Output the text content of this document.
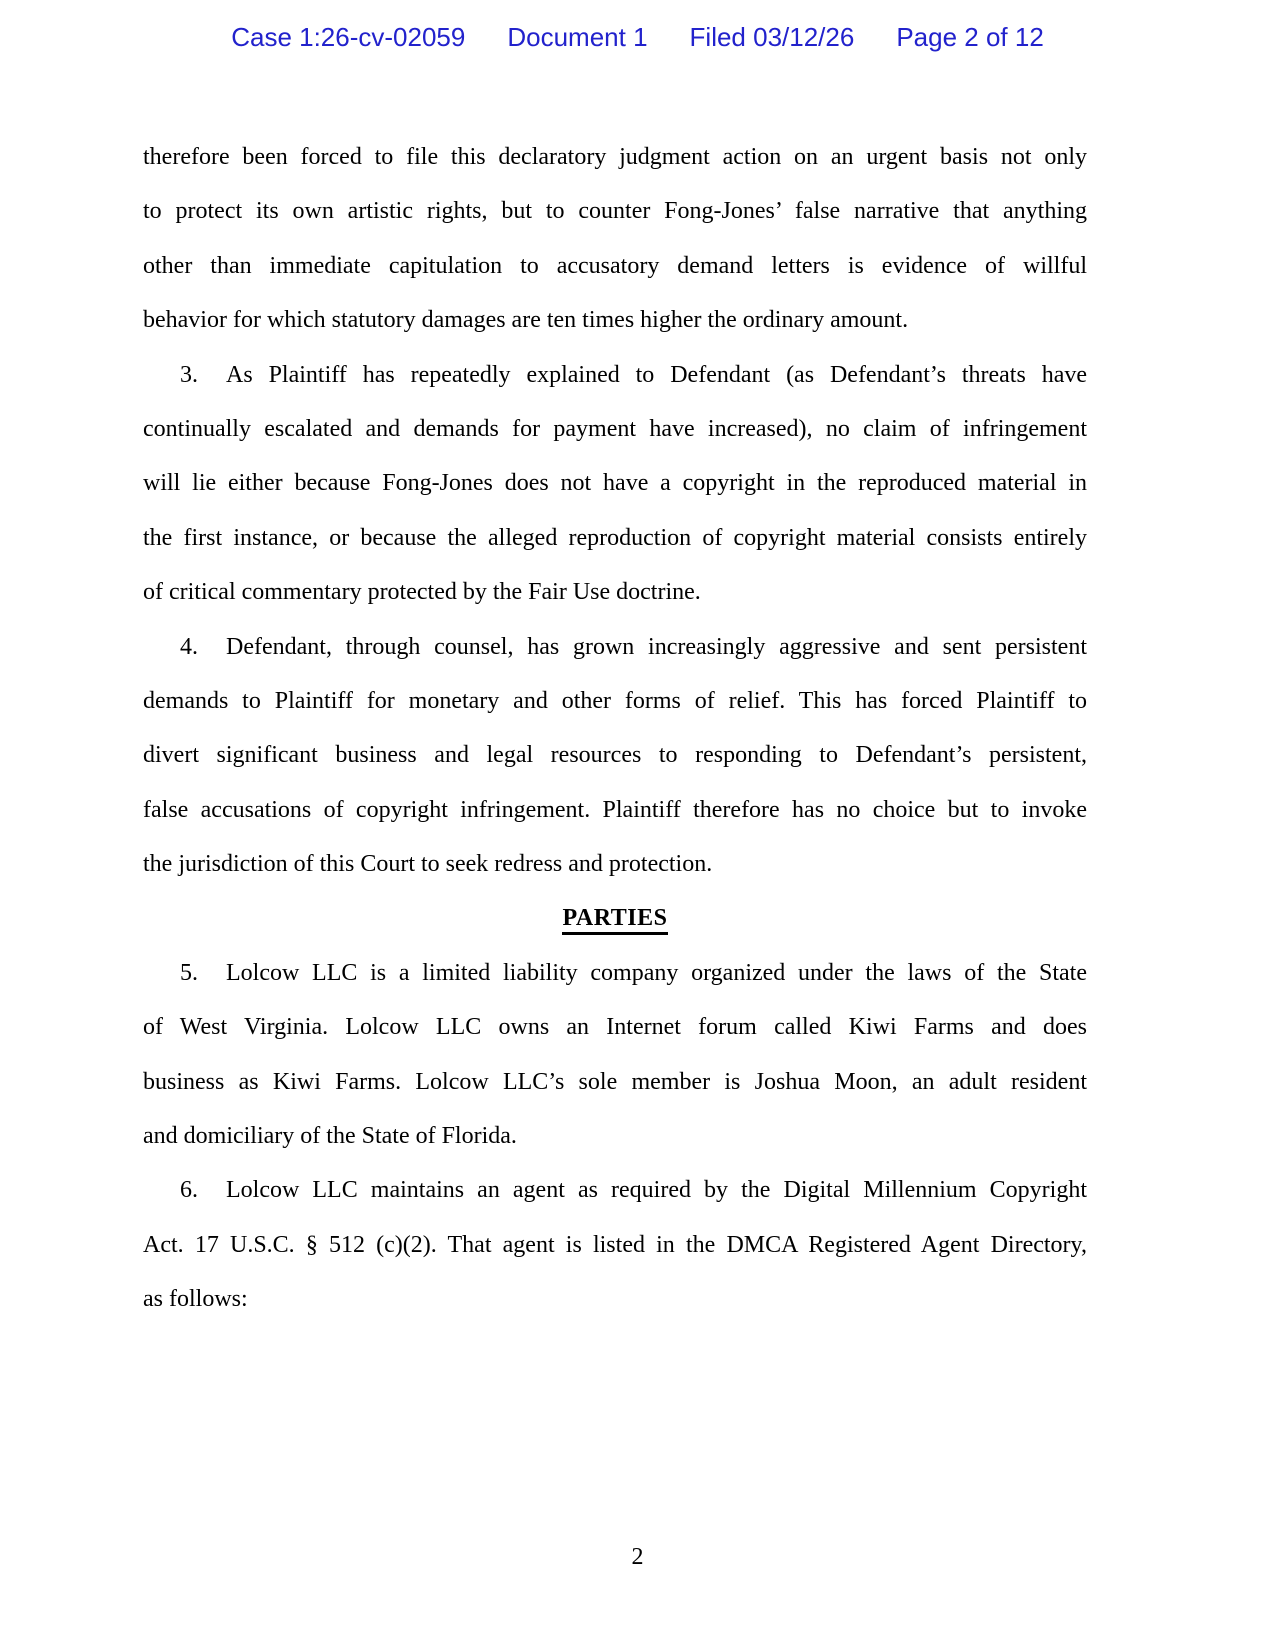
Case 1:26-cv-02059 Document 1 Filed 03/12/26 Page 2 of 12
therefore been forced to file this declaratory judgment action on an urgent basis not only
to protect its own artistic rights, but to counter Fong-Jones’ false narrative that anything
other than immediate capitulation to accusatory demand letters is evidence of willful
behavior for which statutory damages are ten times higher the ordinary amount.
3. As Plaintiff has repeatedly explained to Defendant (as Defendant’s threats have
continually escalated and demands for payment have increased), no claim of infringement
will lie either because Fong-Jones does not have a copyright in the reproduced material in
the first instance, or because the alleged reproduction of copyright material consists entirely
of critical commentary protected by the Fair Use doctrine.
4. Defendant, through counsel, has grown increasingly aggressive and sent persistent
demands to Plaintiff for monetary and other forms of relief. This has forced Plaintiff to
divert significant business and legal resources to responding to Defendant’s persistent,
false accusations of copyright infringement. Plaintiff therefore has no choice but to invoke
the jurisdiction of this Court to seek redress and protection.
PARTIES
5. Lolcow LLC is a limited liability company organized under the laws of the State
of West Virginia. Lolcow LLC owns an Internet forum called Kiwi Farms and does
business as Kiwi Farms. Lolcow LLC’s sole member is Joshua Moon, an adult resident
and domiciliary of the State of Florida.
6. Lolcow LLC maintains an agent as required by the Digital Millennium Copyright
Act. 17 U.S.C. § 512 (c)(2). That agent is listed in the DMCA Registered Agent Directory,
as follows:
2
